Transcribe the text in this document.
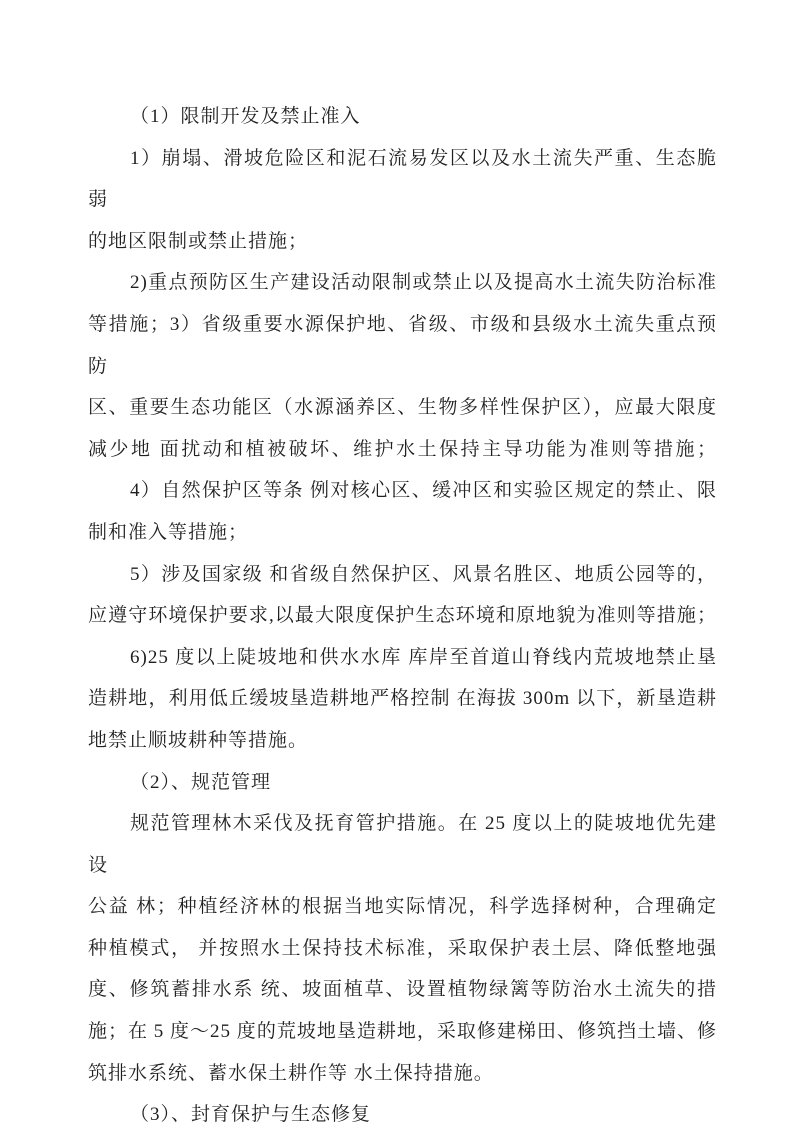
（1）限制开发及禁止准入
1）崩塌、滑坡危险区和泥石流易发区以及水土流失严重、生态脆弱
的地区限制或禁止措施；
2)重点预防区生产建设活动限制或禁止以及提高水土流失防治标准
等措施；3）省级重要水源保护地、省级、市级和县级水土流失重点预防
区、重要生态功能区（水源涵养区、生物多样性保护区），应最大限度
减少地 面扰动和植被破坏、维护水土保持主导功能为准则等措施；
4）自然保护区等条 例对核心区、缓冲区和实验区规定的禁止、限
制和准入等措施；
5）涉及国家级 和省级自然保护区、风景名胜区、地质公园等的，
应遵守环境保护要求,以最大限度保护生态环境和原地貌为准则等措施；
6)25 度以上陡坡地和供水水库 库岸至首道山脊线内荒坡地禁止垦
造耕地，利用低丘缓坡垦造耕地严格控制 在海拔 300m 以下，新垦造耕
地禁止顺坡耕种等措施。
（2）、规范管理
规范管理林木采伐及抚育管护措施。在 25 度以上的陡坡地优先建设
公益 林；种植经济林的根据当地实际情况，科学选择树种，合理确定
种植模式， 并按照水土保持技术标准，采取保护表土层、降低整地强
度、修筑蓄排水系 统、坡面植草、设置植物绿篱等防治水土流失的措
施；在 5 度～25 度的荒坡地垦造耕地，采取修建梯田、修筑挡土墙、修
筑排水系统、蓄水保土耕作等 水土保持措施。
（3）、封育保护与生态修复
